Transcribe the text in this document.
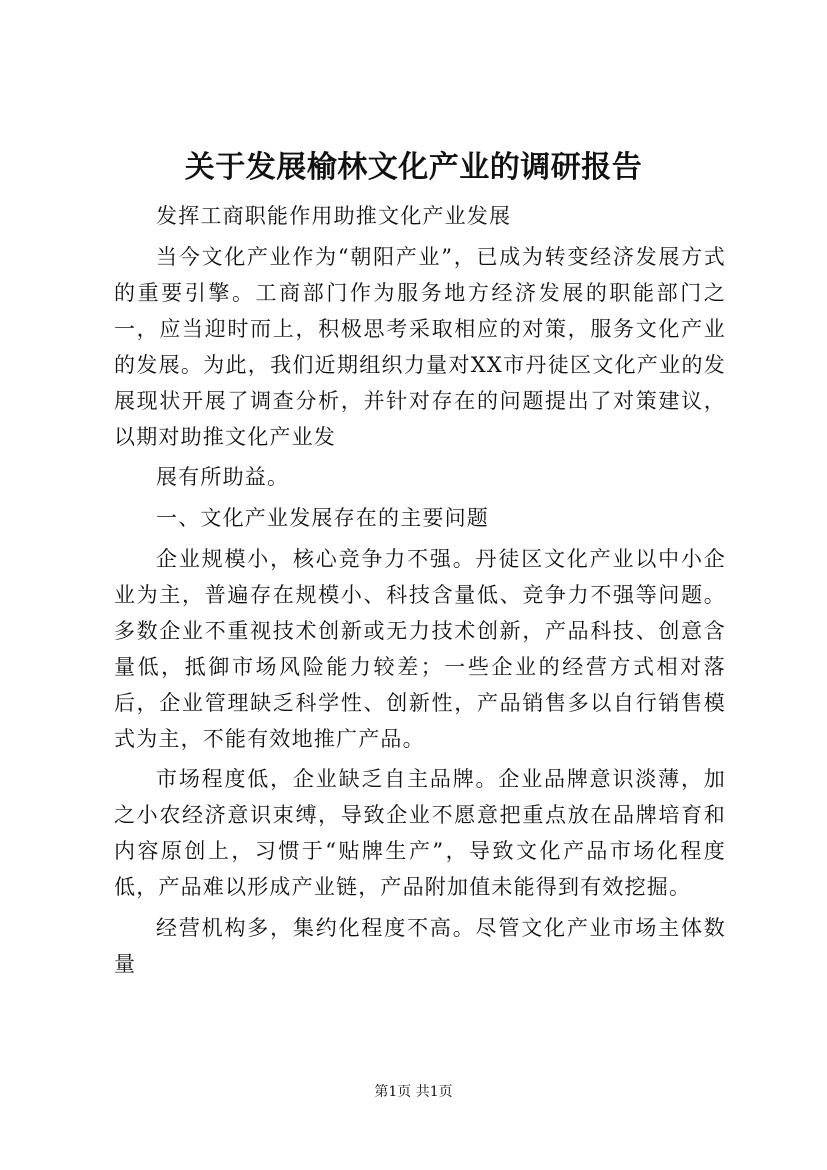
关于发展榆林文化产业的调研报告

发挥工商职能作用助推文化产业发展

当今文化产业作为“朝阳产业”，已成为转变经济发展方式的重要引擎。工商部门作为服务地方经济发展的职能部门之一，应当迎时而上，积极思考采取相应的对策，服务文化产业的发展。为此，我们近期组织力量对XX市丹徒区文化产业的发展现状开展了调查分析，并针对存在的问题提出了对策建议，以期对助推文化产业发

展有所助益。

一、文化产业发展存在的主要问题

企业规模小，核心竞争力不强。丹徒区文化产业以中小企业为主，普遍存在规模小、科技含量低、竞争力不强等问题。多数企业不重视技术创新或无力技术创新，产品科技、创意含量低，抵御市场风险能力较差；一些企业的经营方式相对落后，企业管理缺乏科学性、创新性，产品销售多以自行销售模式为主，不能有效地推广产品。

市场程度低，企业缺乏自主品牌。企业品牌意识淡薄，加之小农经济意识束缚，导致企业不愿意把重点放在品牌培育和内容原创上，习惯于“贴牌生产”，导致文化产品市场化程度低，产品难以形成产业链，产品附加值未能得到有效挖掘。

经营机构多，集约化程度不高。尽管文化产业市场主体数量

第1页 共1页
